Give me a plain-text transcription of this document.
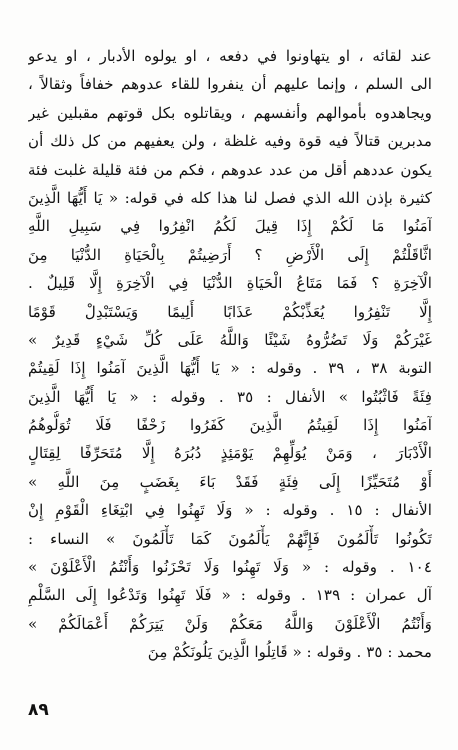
عند لقائه ، او يتهاونوا في دفعه ، او يولوه الأدبار ، او يدعو
الى السلم ، وإنما عليهم أن ينفروا للقاء عدوهم خفافاً وثقالاً ،
ويجاهدوه بأموالهم وأنفسهم ، ويقاتلوه بكل قوتهم مقبلين غير
مدبرين قتالاً فيه قوة وفيه غلظة ، ولن يعفيهم من كل ذلك أن
يكون عددهم أقل من عدد عدوهم ، فكم من فئة قليلة غلبت فئة
كثيرة بإذن الله الذي فصل لنا هذا كله في قوله: « يَا أَيُّهَا الَّذِينَ
آمَنُوا مَا لَكُمْ إِذَا قِيلَ لَكُمُ انْفِرُوا فِي سَبِيلِ اللَّهِ
اثَّاقَلْتُمْ إِلَى الْأَرْضِ ؟ أَرَضِيتُمْ بِالْحَيَاةِ الدُّنْيَا مِنَ
الْآخِرَةِ ؟ فَمَا مَتَاعُ الْحَيَاةِ الدُّنْيَا فِي الْآخِرَةِ إِلَّا قَلِيلٌ .
إِلَّا تَنْفِرُوا يُعَذِّبْكُمْ عَذَابًا أَلِيمًا وَيَسْتَبْدِلْ قَوْمًا
غَيْرَكُمْ وَلَا تَضُرُّوهُ شَيْئًا وَاللَّهُ عَلَى كُلِّ شَيْءٍ قَدِيرٌ »
التوبة ٣٨ ، ٣٩ . وقوله : « يَا أَيُّهَا الَّذِينَ آمَنُوا إِذَا لَقِيتُمْ
فِئَةً فَاثْبُتُوا » الأنفال : ٣٥ . وقوله : « يَا أَيُّهَا الَّذِينَ
آمَنُوا إِذَا لَقِيتُمُ الَّذِينَ كَفَرُوا زَحْفًا فَلَا تُوَلُّوهُمُ
الْأَدْبَارَ ، وَمَنْ يُوَلِّهِمْ يَوْمَئِذٍ دُبُرَهُ إِلَّا مُتَحَرِّفًا لِقِتَالٍ
أَوْ مُتَحَيِّزًا إِلَى فِئَةٍ فَقَدْ بَاءَ بِغَضَبٍ مِنَ اللَّهِ »
الأنفال : ١٥ . وقوله : « وَلَا تَهِنُوا فِي ابْتِغَاءِ الْقَوْمِ إِنْ
تَكُونُوا تَأْلَمُونَ فَإِنَّهُمْ يَأْلَمُونَ كَمَا تَأْلَمُونَ » النساء :
١٠٤ . وقوله : « وَلَا تَهِنُوا وَلَا تَحْزَنُوا وَأَنْتُمُ الْأَعْلَوْنَ »
آل عمران : ١٣٩ . وقوله : « فَلَا تَهِنُوا وَتَدْعُوا إِلَى السَّلْمِ
وَأَنْتُمُ الْأَعْلَوْنَ وَاللَّهُ مَعَكُمْ وَلَنْ يَتِرَكُمْ أَعْمَالَكُمْ »
محمد : ٣٥ . وقوله : « قَاتِلُوا الَّذِينَ يَلُونَكُمْ مِنَ
٨٩
